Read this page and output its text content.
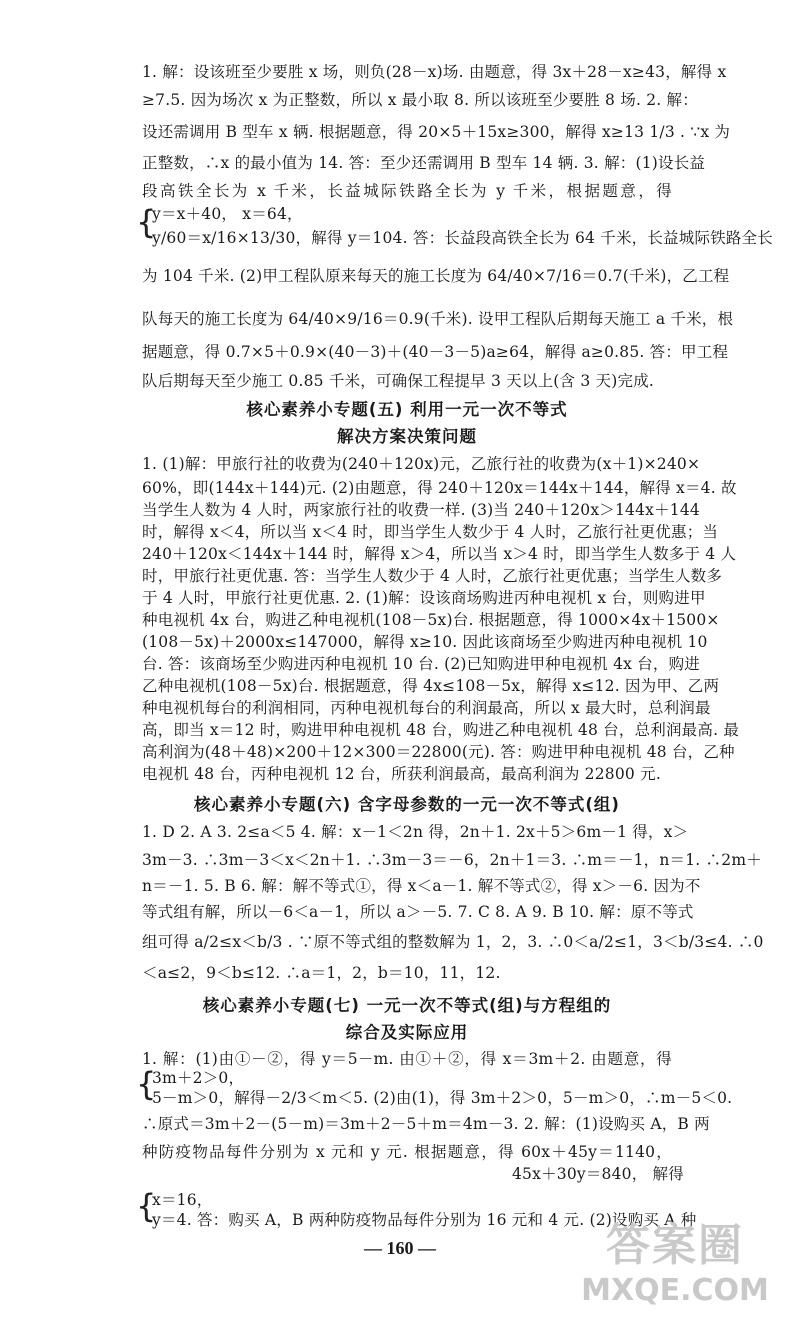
1. 解：设该班至少要胜 x 场，则负(28－x)场. 由题意，得 3x＋28－x≥43，解得 x
≥7.5. 因为场次 x 为正整数，所以 x 最小取 8. 所以该班至少要胜 8 场. 2. 解：
设还需调用 B 型车 x 辆. 根据题意，得 20×5＋15x≥300，解得 x≥13 1/3 . ∵x 为
正整数，∴x 的最小值为 14. 答：至少还需调用 B 型车 14 辆. 3. 解：(1)设长益
段高铁全长为 x 千米，长益城际铁路全长为 y 千米，根据题意，得
{
y＝x＋40， x＝64，
y/60＝x/16×13/30，解得 y＝104. 答：长益段高铁全长为 64 千米，长益城际铁路全长
为 104 千米. (2)甲工程队原来每天的施工长度为 64/40×7/16＝0.7(千米)，乙工程
队每天的施工长度为 64/40×9/16＝0.9(千米). 设甲工程队后期每天施工 a 千米，根
据题意，得 0.7×5＋0.9×(40－3)＋(40－3－5)a≥64，解得 a≥0.85. 答：甲工程
队后期每天至少施工 0.85 千米，可确保工程提早 3 天以上(含 3 天)完成.
核心素养小专题(五) 利用一元一次不等式
解决方案决策问题
1. (1)解：甲旅行社的收费为(240＋120x)元，乙旅行社的收费为(x＋1)×240×
60%，即(144x＋144)元. (2)由题意，得 240＋120x＝144x＋144，解得 x＝4. 故
当学生人数为 4 人时，两家旅行社的收费一样. (3)当 240＋120x＞144x＋144
时，解得 x＜4，所以当 x＜4 时，即当学生人数少于 4 人时，乙旅行社更优惠；当
240＋120x＜144x＋144 时，解得 x＞4，所以当 x＞4 时，即当学生人数多于 4 人
时，甲旅行社更优惠. 答：当学生人数少于 4 人时，乙旅行社更优惠；当学生人数多
于 4 人时，甲旅行社更优惠. 2. (1)解：设该商场购进丙种电视机 x 台，则购进甲
种电视机 4x 台，购进乙种电视机(108－5x)台. 根据题意，得 1000×4x＋1500×
(108－5x)＋2000x≤147000，解得 x≥10. 因此该商场至少购进丙种电视机 10
台. 答：该商场至少购进丙种电视机 10 台. (2)已知购进甲种电视机 4x 台，购进
乙种电视机(108－5x)台. 根据题意，得 4x≤108－5x，解得 x≤12. 因为甲、乙两
种电视机每台的利润相同，丙种电视机每台的利润最高，所以 x 最大时，总利润最
高，即当 x＝12 时，购进甲种电视机 48 台，购进乙种电视机 48 台，总利润最高. 最
高利润为(48＋48)×200＋12×300＝22800(元). 答：购进甲种电视机 48 台，乙种
电视机 48 台，丙种电视机 12 台，所获利润最高，最高利润为 22800 元.
核心素养小专题(六) 含字母参数的一元一次不等式(组)
1. D 2. A 3. 2≤a＜5 4. 解：x－1＜2n 得，2n＋1. 2x＋5＞6m－1 得，x＞
3m－3. ∴3m－3＜x＜2n＋1. ∴3m－3＝－6，2n＋1＝3. ∴m＝－1，n＝1. ∴2m＋
n＝－1. 5. B 6. 解：解不等式①，得 x＜a－1. 解不等式②，得 x＞－6. 因为不
等式组有解，所以－6＜a－1，所以 a＞－5. 7. C 8. A 9. B 10. 解：原不等式
组可得 a/2≤x＜b/3 . ∵原不等式组的整数解为 1，2，3. ∴0＜a/2≤1，3＜b/3≤4. ∴0
＜a≤2，9＜b≤12. ∴a＝1，2，b＝10，11，12.
核心素养小专题(七) 一元一次不等式(组)与方程组的
综合及实际应用
1. 解：(1)由①－②，得 y＝5－m. 由①＋②，得 x＝3m＋2. 由题意，得
{
3m＋2＞0，
5－m＞0，解得－2/3＜m＜5. (2)由(1)，得 3m＋2＞0，5－m＞0，∴m－5＜0.
∴原式＝3m＋2－(5－m)＝3m＋2－5＋m＝4m－3. 2. 解：(1)设购买 A，B 两
种防疫物品每件分别为 x 元和 y 元. 根据题意，得 60x＋45y＝1140，
45x＋30y＝840， 解得
{
x＝16，
y＝4. 答：购买 A，B 两种防疫物品每件分别为 16 元和 4 元. (2)设购买 A 种
— 160 —	答案圈
MXQE.COM
